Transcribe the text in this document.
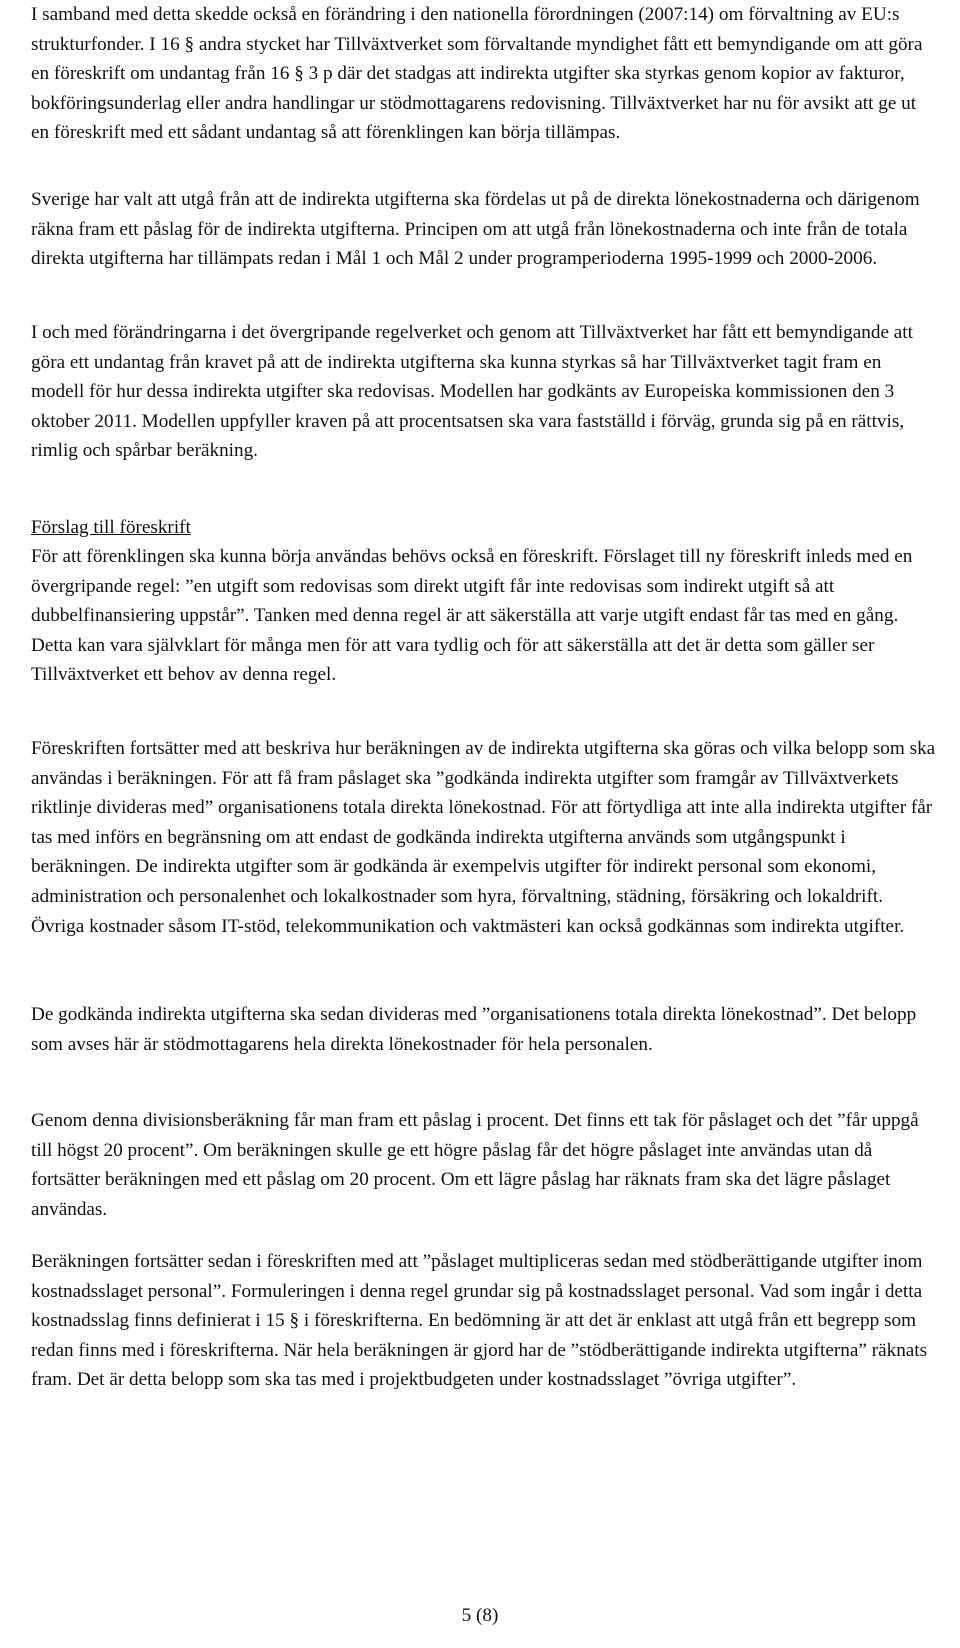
I samband med detta skedde också en förändring i den nationella förordningen (2007:14) om förvaltning av EU:s strukturfonder. I 16 § andra stycket har Tillväxtverket som förvaltande myndighet fått ett bemyndigande om att göra en föreskrift om undantag från 16 § 3 p där det stadgas att indirekta utgifter ska styrkas genom kopior av fakturor, bokföringsunderlag eller andra handlingar ur stödmottagarens redovisning. Tillväxtverket har nu för avsikt att ge ut en föreskrift med ett sådant undantag så att förenklingen kan börja tillämpas.

Sverige har valt att utgå från att de indirekta utgifterna ska fördelas ut på de direkta lönekostnaderna och därigenom räkna fram ett påslag för de indirekta utgifterna. Principen om att utgå från lönekostnaderna och inte från de totala direkta utgifterna har tillämpats redan i Mål 1 och Mål 2 under programperioderna 1995-1999 och 2000-2006.

I och med förändringarna i det övergripande regelverket och genom att Tillväxtverket har fått ett bemyndigande att göra ett undantag från kravet på att de indirekta utgifterna ska kunna styrkas så har Tillväxtverket tagit fram en modell för hur dessa indirekta utgifter ska redovisas. Modellen har godkänts av Europeiska kommissionen den 3 oktober 2011. Modellen uppfyller kraven på att procentsatsen ska vara fastställd i förväg, grunda sig på en rättvis, rimlig och spårbar beräkning.

Förslag till föreskrift

För att förenklingen ska kunna börja användas behövs också en föreskrift. Förslaget till ny föreskrift inleds med en övergripande regel: ”en utgift som redovisas som direkt utgift får inte redovisas som indirekt utgift så att dubbelfinansiering uppstår”. Tanken med denna regel är att säkerställa att varje utgift endast får tas med en gång. Detta kan vara självklart för många men för att vara tydlig och för att säkerställa att det är detta som gäller ser Tillväxtverket ett behov av denna regel.

Föreskriften fortsätter med att beskriva hur beräkningen av de indirekta utgifterna ska göras och vilka belopp som ska användas i beräkningen. För att få fram påslaget ska ”godkända indirekta utgifter som framgår av Tillväxtverkets riktlinje divideras med” organisationens totala direkta lönekostnad. För att förtydliga att inte alla indirekta utgifter får tas med införs en begränsning om att endast de godkända indirekta utgifterna används som utgångspunkt i beräkningen. De indirekta utgifter som är godkända är exempelvis utgifter för indirekt personal som ekonomi, administration och personalenhet och lokalkostnader som hyra, förvaltning, städning, försäkring och lokaldrift. Övriga kostnader såsom IT-stöd, telekommunikation och vaktmästeri kan också godkännas som indirekta utgifter.

De godkända indirekta utgifterna ska sedan divideras med ”organisationens totala direkta lönekostnad”. Det belopp som avses här är stödmottagarens hela direkta lönekostnader för hela personalen.

Genom denna divisionsberäkning får man fram ett påslag i procent. Det finns ett tak för påslaget och det ”får uppgå till högst 20 procent”. Om beräkningen skulle ge ett högre påslag får det högre påslaget inte användas utan då fortsätter beräkningen med ett påslag om 20 procent. Om ett lägre påslag har räknats fram ska det lägre påslaget användas.

Beräkningen fortsätter sedan i föreskriften med att ”påslaget multipliceras sedan med stödberättigande utgifter inom kostnadsslaget personal”. Formuleringen i denna regel grundar sig på kostnadsslaget personal. Vad som ingår i detta kostnadsslag finns definierat i 15 § i föreskrifterna. En bedömning är att det är enklast att utgå från ett begrepp som redan finns med i föreskrifterna. När hela beräkningen är gjord har de ”stödberättigande indirekta utgifterna” räknats fram. Det är detta belopp som ska tas med i projektbudgeten under kostnadsslaget ”övriga utgifter”.

5 (8)
